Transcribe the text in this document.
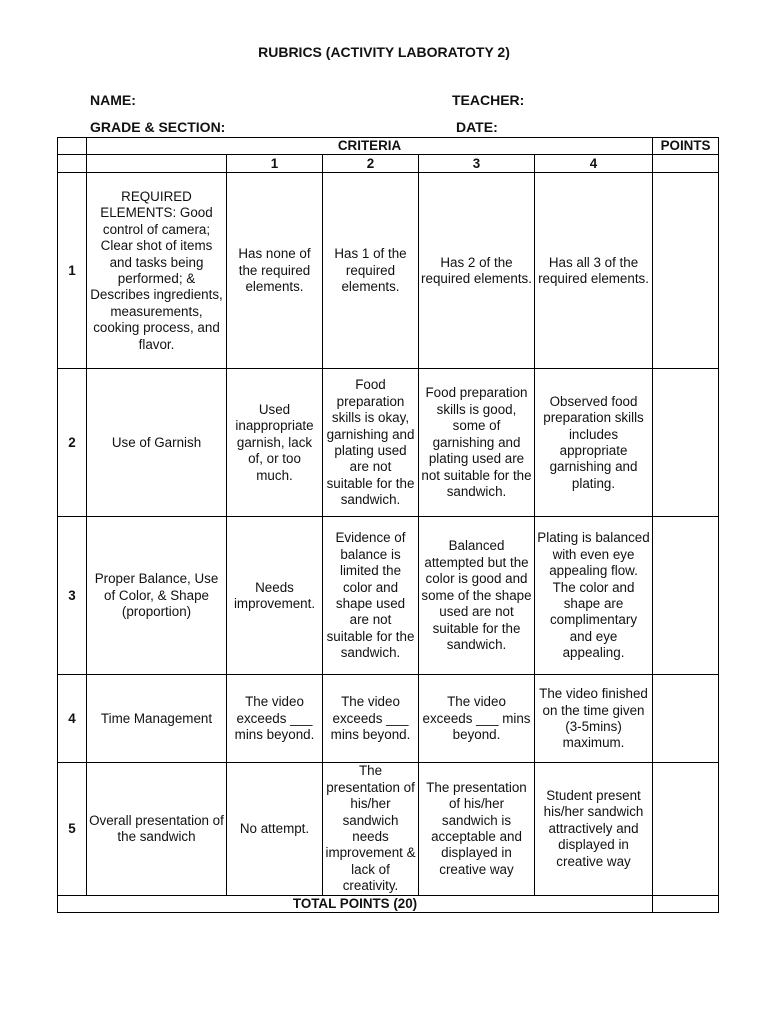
RUBRICS (ACTIVITY LABORATOTY 2)
NAME:	TEACHER:
GRADE & SECTION:	DATE:
	CRITERIA					POINTS
		1	2	3	4	
1	REQUIRED ELEMENTS: Good control of camera; Clear shot of items and tasks being performed; & Describes ingredients, measurements, cooking process, and flavor.	Has none of the required elements.	Has 1 of the required elements.	Has 2 of the required elements.	Has all 3 of the required elements.	
2	Use of Garnish	Used inappropriate garnish, lack of, or too much.	Food preparation skills is okay, garnishing and plating used are not suitable for the sandwich.	Food preparation skills is good, some of garnishing and plating used are not suitable for the sandwich.	Observed food preparation skills includes appropriate garnishing and plating.	
3	Proper Balance, Use of Color, & Shape (proportion)	Needs improvement.	Evidence of balance is limited the color and shape used are not suitable for the sandwich.	Balanced attempted but the color is good and some of the shape used are not suitable for the sandwich.	Plating is balanced with even eye appealing flow. The color and shape are complimentary and eye appealing.	
4	Time Management	The video exceeds ___ mins beyond.	The video exceeds ___ mins beyond.	The video exceeds ___ mins beyond.	The video finished on the time given (3-5mins) maximum.	
5	Overall presentation of the sandwich	No attempt.	The presentation of his/her sandwich needs improvement & lack of creativity.	The presentation of his/her sandwich is acceptable and displayed in creative way	Student present his/her sandwich attractively and displayed in creative way	
TOTAL POINTS (20)						
